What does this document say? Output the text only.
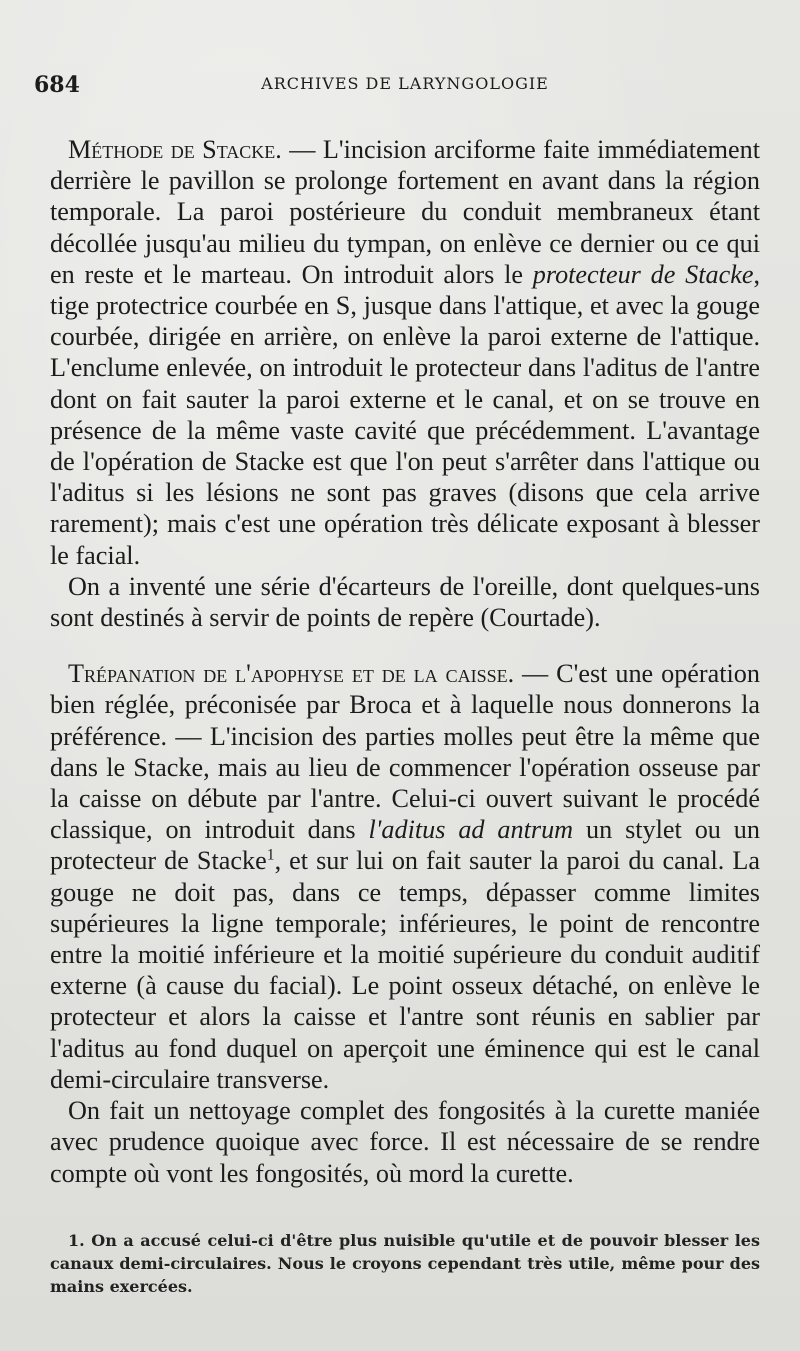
684	ARCHIVES DE LARYNGOLOGIE

Méthode de Stacke. — L'incision arciforme faite immédiatement derrière le pavillon se prolonge fortement en avant dans la région temporale. La paroi postérieure du conduit membraneux étant décollée jusqu'au milieu du tympan, on enlève ce dernier ou ce qui en reste et le marteau. On introduit alors le protecteur de Stacke, tige protectrice courbée en S, jusque dans l'attique, et avec la gouge courbée, dirigée en arrière, on enlève la paroi externe de l'attique. L'enclume enlevée, on introduit le protecteur dans l'aditus de l'antre dont on fait sauter la paroi externe et le canal, et on se trouve en présence de la même vaste cavité que précédemment. L'avantage de l'opération de Stacke est que l'on peut s'arrêter dans l'attique ou l'aditus si les lésions ne sont pas graves (disons que cela arrive rarement); mais c'est une opération très délicate exposant à blesser le facial.

On a inventé une série d'écarteurs de l'oreille, dont quelques-uns sont destinés à servir de points de repère (Courtade).

Trépanation de l'apophyse et de la caisse. — C'est une opération bien réglée, préconisée par Broca et à laquelle nous donnerons la préférence. — L'incision des parties molles peut être la même que dans le Stacke, mais au lieu de commencer l'opération osseuse par la caisse on débute par l'antre. Celui-ci ouvert suivant le procédé classique, on introduit dans l'aditus ad antrum un stylet ou un protecteur de Stacke$^1$, et sur lui on fait sauter la paroi du canal. La gouge ne doit pas, dans ce temps, dépasser comme limites supérieures la ligne temporale; inférieures, le point de rencontre entre la moitié inférieure et la moitié supérieure du conduit auditif externe (à cause du facial). Le point osseux détaché, on enlève le protecteur et alors la caisse et l'antre sont réunis en sablier par l'aditus au fond duquel on aperçoit une éminence qui est le canal demi-circulaire transverse.

On fait un nettoyage complet des fongosités à la curette maniée avec prudence quoique avec force. Il est nécessaire de se rendre compte où vont les fongosités, où mord la curette.

1. On a accusé celui-ci d'être plus nuisible qu'utile et de pouvoir blesser les canaux demi-circulaires. Nous le croyons cependant très utile, même pour des mains exercées.
